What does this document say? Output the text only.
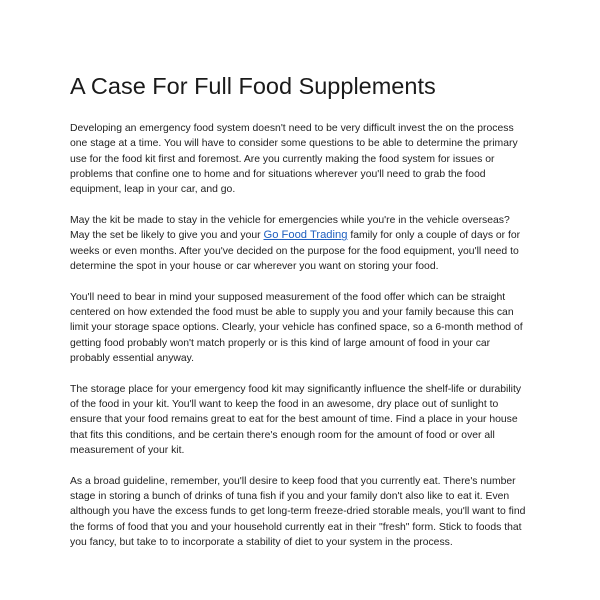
A Case For Full Food Supplements

Developing an emergency food system doesn't need to be very difficult invest the on the process one stage at a time. You will have to consider some questions to be able to determine the primary use for the food kit first and foremost. Are you currently making the food system for issues or problems that confine one to home and for situations wherever you'll need to grab the food equipment, leap in your car, and go.

May the kit be made to stay in the vehicle for emergencies while you're in the vehicle overseas? May the set be likely to give you and your Go Food Trading family for only a couple of days or for weeks or even months. After you've decided on the purpose for the food equipment, you'll need to determine the spot in your house or car wherever you want on storing your food.

You'll need to bear in mind your supposed measurement of the food offer which can be straight centered on how extended the food must be able to supply you and your family because this can limit your storage space options. Clearly, your vehicle has confined space, so a 6-month method of getting food probably won't match properly or is this kind of large amount of food in your car probably essential anyway.

The storage place for your emergency food kit may significantly influence the shelf-life or durability of the food in your kit. You'll want to keep the food in an awesome, dry place out of sunlight to ensure that your food remains great to eat for the best amount of time. Find a place in your house that fits this conditions, and be certain there's enough room for the amount of food or over all measurement of your kit.

As a broad guideline, remember, you'll desire to keep food that you currently eat. There's number stage in storing a bunch of drinks of tuna fish if you and your family don't also like to eat it. Even although you have the excess funds to get long-term freeze-dried storable meals, you'll want to find the forms of food that you and your household currently eat in their "fresh" form. Stick to foods that you fancy, but take to to incorporate a stability of diet to your system in the process.
